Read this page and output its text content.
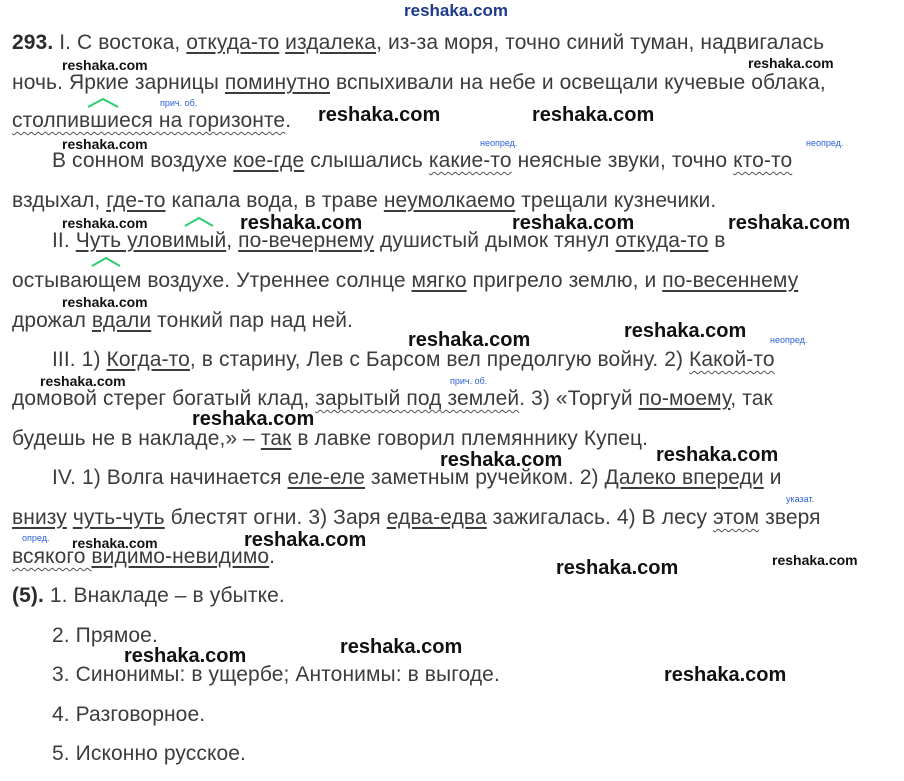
reshaka.com
293. I. С востока, откуда-то издалека, из-за моря, точно синий туман, надвигалась
ночь. Яркие зарницы поминутно вспыхивали на небе и освещали кучевые облака,
столпившиеся на горизонте.
В сонном воздухе кое-где слышались какие-то неясные звуки, точно кто-то
вздыхал, где-то капала вода, в траве неумолкаемо трещали кузнечики.
II. Чуть уловимый, по-вечернему душистый дымок тянул откуда-то в
остывающем воздухе. Утреннее солнце мягко пригрело землю, и по-весеннему
дрожал вдали тонкий пар над ней.
III. 1) Когда-то, в старину, Лев с Барсом вел предолгую войну. 2) Какой-то
домовой стерег богатый клад, зарытый под землей. 3) «Торгуй по-моему, так
будешь не в накладе,» – так в лавке говорил племяннику Купец.
IV. 1) Волга начинается еле-еле заметным ручейком. 2) Далеко впереди и
внизу чуть-чуть блестят огни. 3) Заря едва-едва зажигалась. 4) В лесу этом зверя
всякого видимо-невидимо.
(5). 1. Внакладе – в убытке.
2. Прямое.
3. Синонимы: в ущербе; Антонимы: в выгоде.
4. Разговорное.
5. Исконно русское.
прич. об.
неопред.	неопред.
неопред.
прич. об.
указат.
опред.
reshaka.com	reshaka.com
reshaka.com	reshaka.com
reshaka.com
reshaka.com	reshaka.com	reshaka.com	reshaka.com
reshaka.com
reshaka.com	reshaka.com
reshaka.com
reshaka.com
reshaka.com	reshaka.com
reshaka.com	reshaka.com
reshaka.com	reshaka.com
reshaka.com
reshaka.com
reshaka.com
